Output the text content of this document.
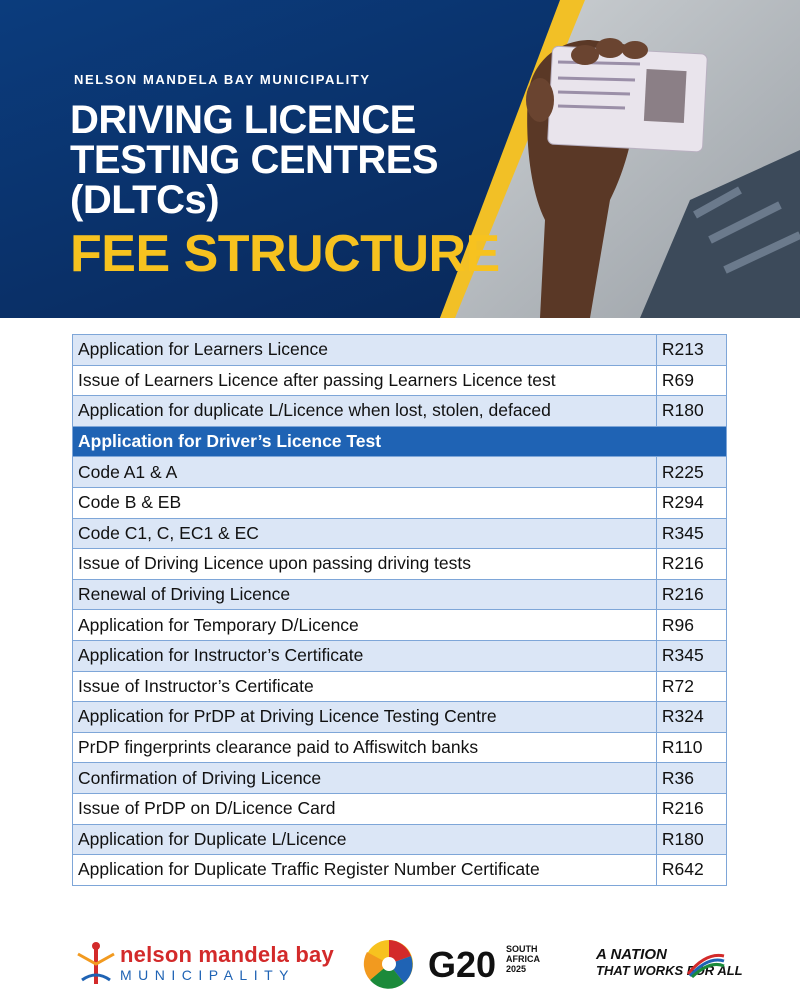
NELSON MANDELA BAY MUNICIPALITY
DRIVING LICENCE
TESTING CENTRES
(DLTCs)
FEE STRUCTURE
Application for Learners Licence	R213
Issue of Learners Licence after passing Learners Licence test	R69
Application for duplicate L/Licence when lost, stolen, defaced	R180
Application for Driver’s Licence Test	
Code A1 & A	R225
Code B & EB	R294
Code C1, C, EC1 & EC	R345
Issue of Driving Licence upon passing driving tests	R216
Renewal of Driving Licence	R216
Application for Temporary D/Licence	R96
Application for Instructor’s Certificate	R345
Issue of Instructor’s Certificate	R72
Application for PrDP at Driving Licence Testing Centre	R324
PrDP fingerprints clearance paid to Affiswitch banks	R110
Confirmation of Driving Licence	R36
Issue of PrDP on D/Licence Card	R216
Application for Duplicate L/Licence	R180
Application for Duplicate Traffic Register Number Certificate	R642
nelson mandela bay
MUNICIPALITY	G20 SOUTH AFRICA 2025
A NATION
THAT WORKS FOR ALL
